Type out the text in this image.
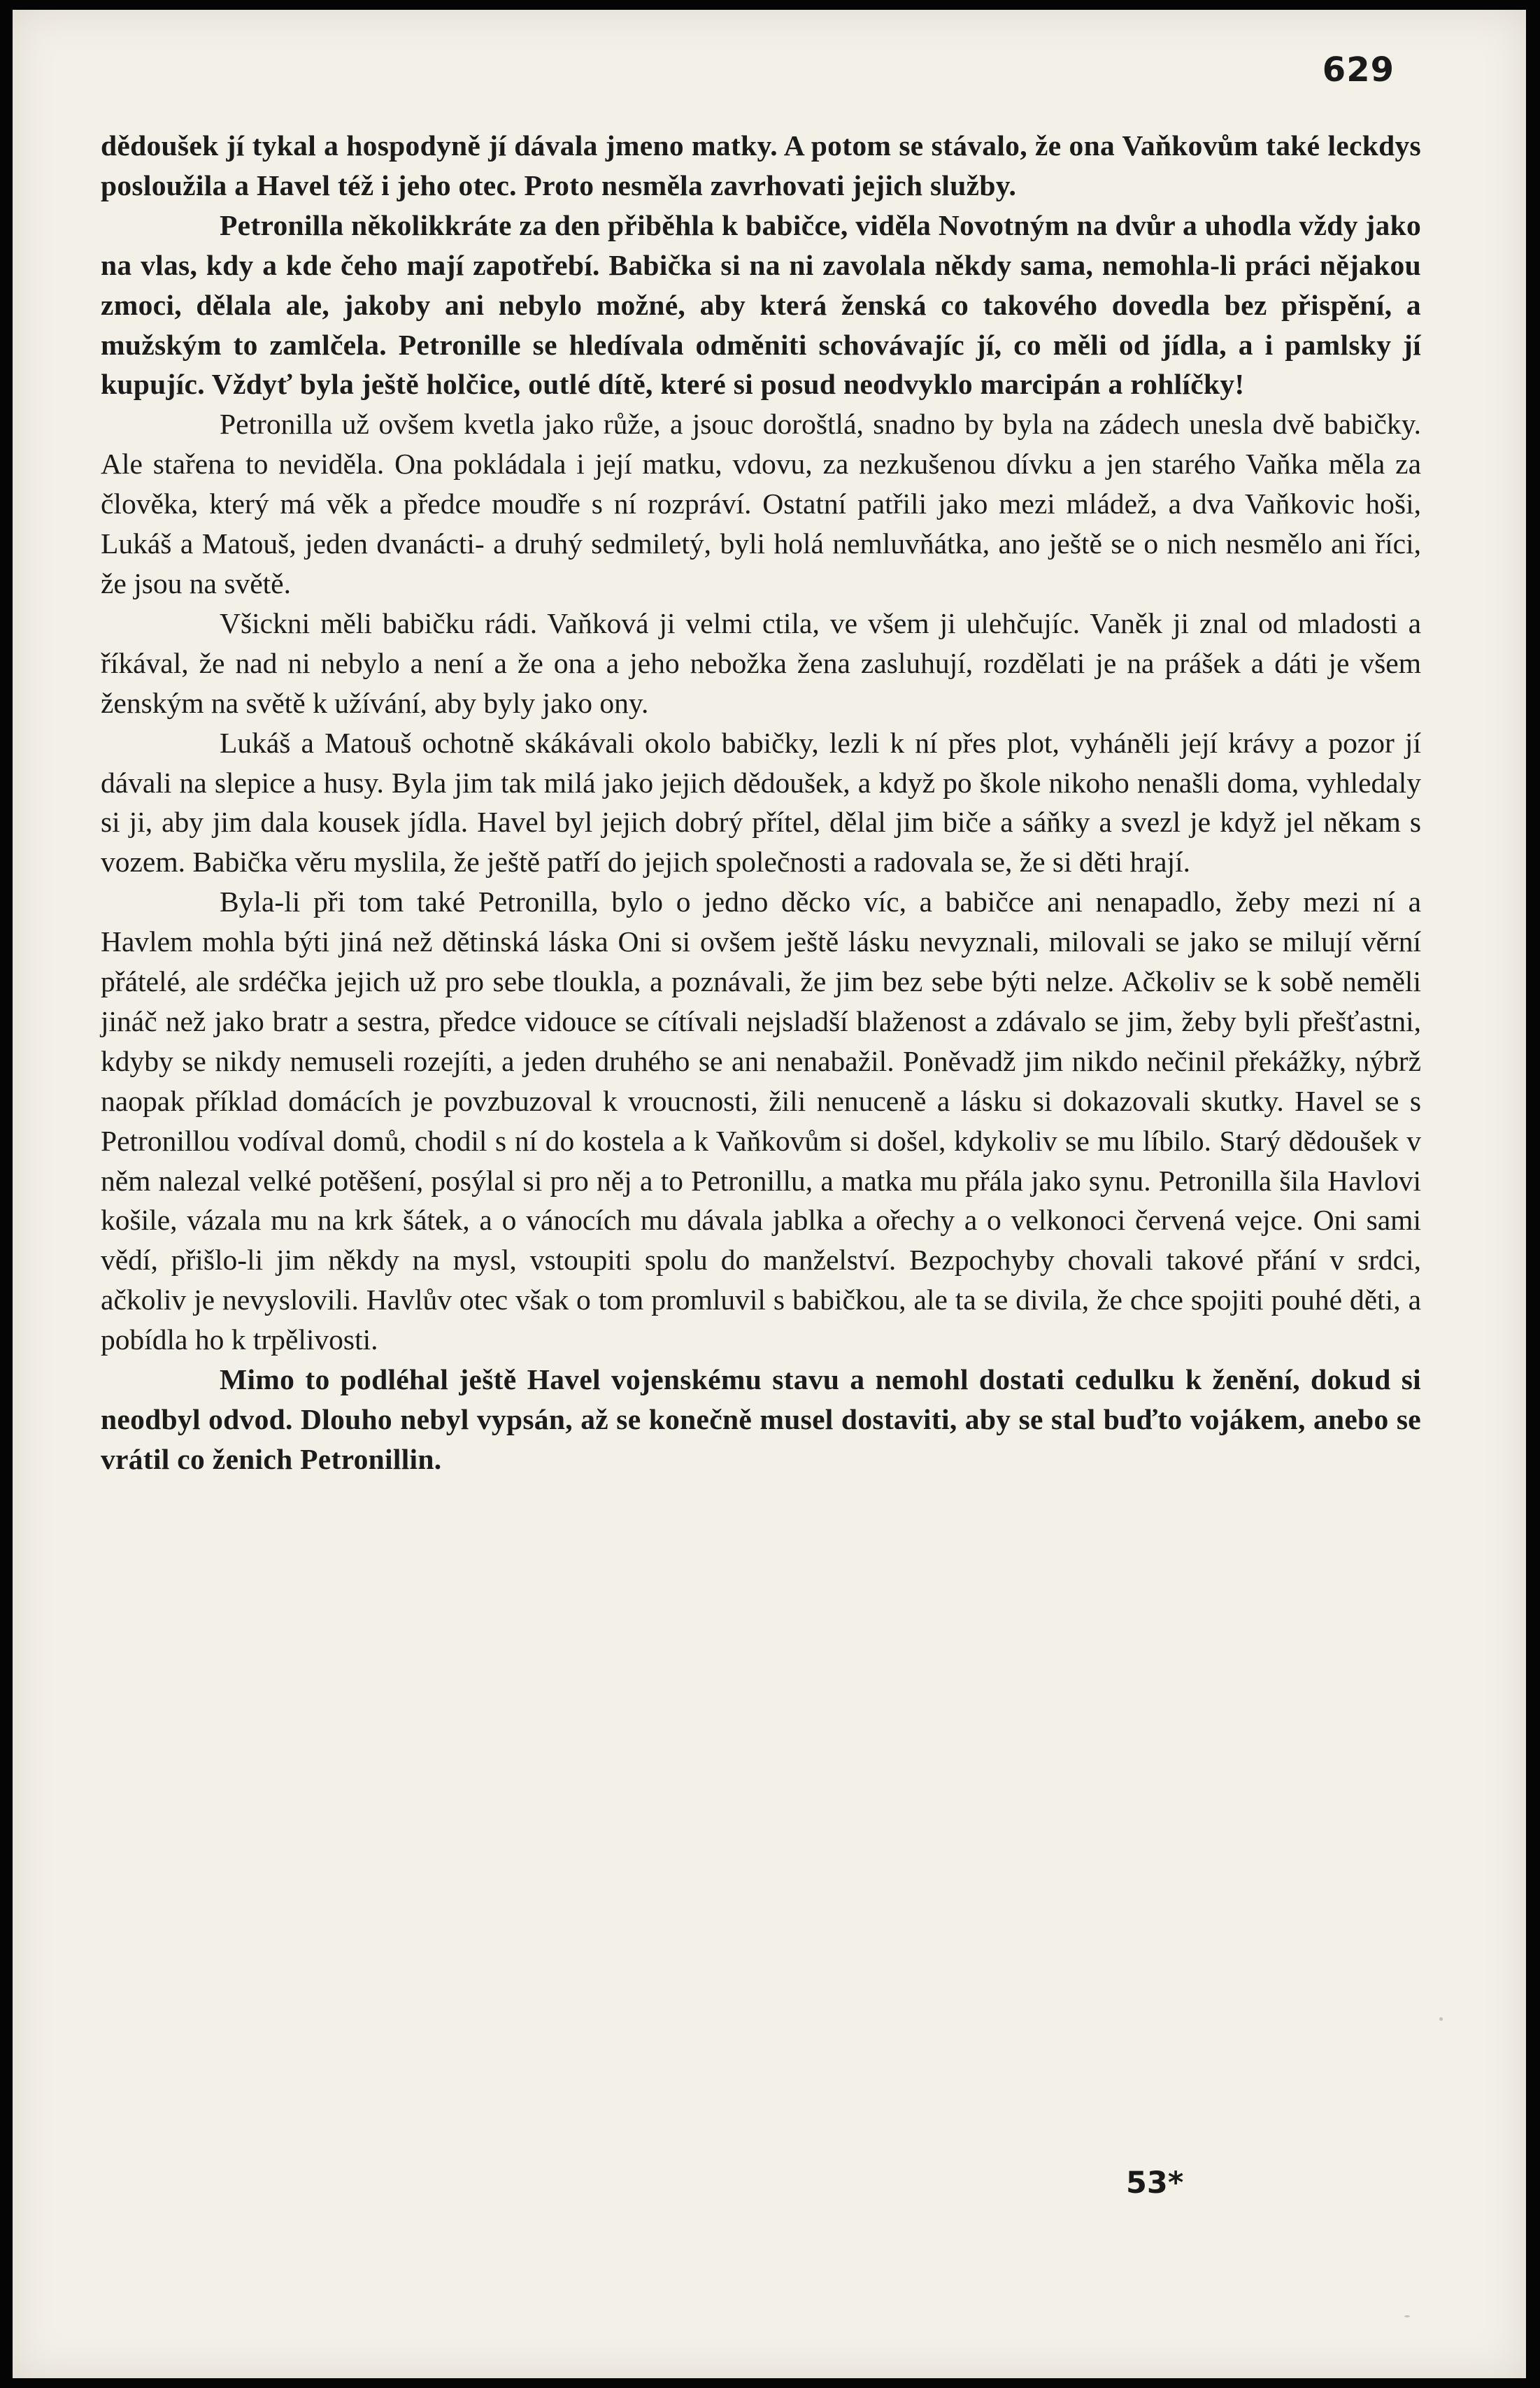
629

dědoušek jí tykal a hospodyně jí dávala jmeno matky. A potom se stávalo, že ona Vaňkovům také leckdys posloužila a Havel též i jeho otec. Proto nesměla zavrhovati jejich služby.

Petronilla několikkráte za den přiběhla k babičce, viděla Novotným na dvůr a uhodla vždy jako na vlas, kdy a kde čeho mají zapotřebí. Babička si na ni zavolala někdy sama, nemohla-li práci nějakou zmoci, dělala ale, jakoby ani nebylo možné, aby která ženská co takového dovedla bez přispění, a mužským to zamlčela. Petronille se hledívala odměniti schovávajíc jí, co měli od jídla, a i pamlsky jí kupujíc. Vždyť byla ještě holčice, outlé dítě, které si posud neodvyklo marcipán a rohlíčky!

Petronilla už ovšem kvetla jako růže, a jsouc doroštlá, snadno by byla na zádech unesla dvě babičky. Ale stařena to neviděla. Ona pokládala i její matku, vdovu, za nezkušenou dívku a jen starého Vaňka měla za člověka, který má věk a předce moudře s ní rozpráví. Ostatní patřili jako mezi mládež, a dva Vaňkovic hoši, Lukáš a Matouš, jeden dvanácti- a druhý sedmiletý, byli holá nemluvňátka, ano ještě se o nich nesmělo ani říci, že jsou na světě.

Všickni měli babičku rádi. Vaňková ji velmi ctila, ve všem ji ulehčujíc. Vaněk ji znal od mladosti a říkával, že nad ni nebylo a není a že ona a jeho nebožka žena zasluhují, rozdělati je na prášek a dáti je všem ženským na světě k užívání, aby byly jako ony.

Lukáš a Matouš ochotně skákávali okolo babičky, lezli k ní přes plot, vyháněli její krávy a pozor jí dávali na slepice a husy. Byla jim tak milá jako jejich dědoušek, a když po škole nikoho nenašli doma, vyhledaly si ji, aby jim dala kousek jídla. Havel byl jejich dobrý přítel, dělal jim biče a sáňky a svezl je když jel někam s vozem. Babička věru myslila, že ještě patří do jejich společnosti a radovala se, že si děti hrají.

Byla-li při tom také Petronilla, bylo o jedno děcko víc, a babičce ani nenapadlo, žeby mezi ní a Havlem mohla býti jiná než dětinská láska Oni si ovšem ještě lásku nevyznali, milovali se jako se milují věrní přátelé, ale srdéčka jejich už pro sebe tloukla, a poznávali, že jim bez sebe býti nelze. Ačkoliv se k sobě neměli jináč než jako bratr a sestra, předce vidouce se cítívali nejsladší blaženost a zdávalo se jim, žeby byli přešťastni, kdyby se nikdy nemuseli rozejíti, a jeden druhého se ani nenabažil. Poněvadž jim nikdo nečinil překážky, nýbrž naopak příklad domácích je povzbuzoval k vroucnosti, žili nenuceně a lásku si dokazovali skutky. Havel se s Petronillou vodíval domů, chodil s ní do kostela a k Vaňkovům si došel, kdykoliv se mu líbilo. Starý dědoušek v něm nalezal velké potěšení, posýlal si pro něj a to Petronillu, a matka mu přála jako synu. Petronilla šila Havlovi košile, vázala mu na krk šátek, a o vánocích mu dávala jablka a ořechy a o velkonoci červená vejce. Oni sami vědí, přišlo-li jim někdy na mysl, vstoupiti spolu do manželství. Bezpochyby chovali takové přání v srdci, ačkoliv je nevyslovili. Havlův otec však o tom promluvil s babičkou, ale ta se divila, že chce spojiti pouhé děti, a pobídla ho k trpělivosti.

Mimo to podléhal ještě Havel vojenskému stavu a nemohl dostati cedulku k ženění, dokud si neodbyl odvod. Dlouho nebyl vypsán, až se konečně musel dostaviti, aby se stal buďto vojákem, anebo se vrátil co ženich Petronillin.

53*
